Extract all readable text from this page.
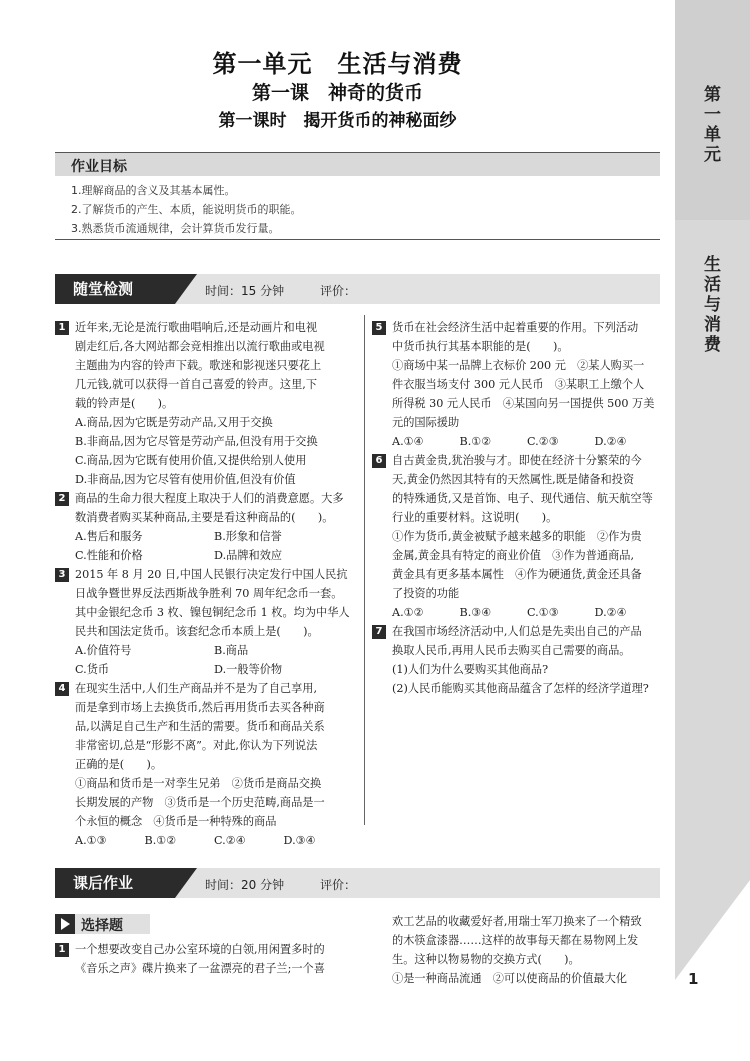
第
一
单
元
生
活
与
消
费
1
第一单元　生活与消费
第一课　神奇的货币
第一课时　揭开货币的神秘面纱
作业目标
1.理解商品的含义及其基本属性。
2.了解货币的产生、本质，能说明货币的职能。
3.熟悉货币流通规律，会计算货币发行量。
随堂检测	时间：15 分钟	评价：
1 近年来,无论是流行歌曲唱响后,还是动画片和电视
剧走红后,各大网站都会竞相推出以流行歌曲或电视
主题曲为内容的铃声下载。歌迷和影视迷只要花上
几元钱,就可以获得一首自己喜爱的铃声。这里,下
载的铃声是(　　)。
A.商品,因为它既是劳动产品,又用于交换
B.非商品,因为它尽管是劳动产品,但没有用于交换
C.商品,因为它既有使用价值,又提供给别人使用
D.非商品,因为它尽管有使用价值,但没有价值
2 商品的生命力很大程度上取决于人们的消费意愿。大多
数消费者购买某种商品,主要是看这种商品的(　　)。
A.售后和服务	B.形象和信誉
C.性能和价格	D.品牌和效应
3 2015 年 8 月 20 日,中国人民银行决定发行中国人民抗
日战争暨世界反法西斯战争胜利 70 周年纪念币一套。
其中金银纪念币 3 枚、镍包铜纪念币 1 枚。均为中华人
民共和国法定货币。该套纪念币本质上是(　　)。
A.价值符号	B.商品
C.货币	D.一般等价物
4 在现实生活中,人们生产商品并不是为了自己享用,
而是拿到市场上去换货币,然后再用货币去买各种商
品,以满足自己生产和生活的需要。货币和商品关系
非常密切,总是“形影不离”。对此,你认为下列说法
正确的是(　　)。
①商品和货币是一对孪生兄弟　②货币是商品交换
长期发展的产物　③货币是一个历史范畴,商品是一
个永恒的概念　④货币是一种特殊的商品
A.①③	B.①②	C.②④	D.③④
5 货币在社会经济生活中起着重要的作用。下列活动
中货币执行其基本职能的是(　　)。
①商场中某一品牌上衣标价 200 元　②某人购买一
件衣服当场支付 300 元人民币　③某职工上缴个人
所得税 30 元人民币　④某国向另一国提供 500 万美
元的国际援助
A.①④	B.①②	C.②③	D.②④
6 自古黄金贵,犹治骏与才。即使在经济十分繁荣的今
天,黄金仍然因其特有的天然属性,既是储备和投资
的特殊通货,又是首饰、电子、现代通信、航天航空等
行业的重要材料。这说明(　　)。
①作为货币,黄金被赋予越来越多的职能　②作为贵
金属,黄金具有特定的商业价值　③作为普通商品,
黄金具有更多基本属性　④作为硬通货,黄金还具备
了投资的功能
A.①②	B.③④	C.①③	D.②④
7 在我国市场经济活动中,人们总是先卖出自己的产品
换取人民币,再用人民币去购买自己需要的商品。
(1)人们为什么要购买其他商品?
(2)人民币能购买其他商品蕴含了怎样的经济学道理?
课后作业	时间：20 分钟	评价：
选择题
1 一个想要改变自己办公室环境的白领,用闲置多时的
《音乐之声》碟片换来了一盆漂亮的君子兰;一个喜
欢工艺品的收藏爱好者,用瑞士军刀换来了一个精致
的木筷盒漆器……这样的故事每天都在易物网上发
生。这种以物易物的交换方式(　　)。
①是一种商品流通　②可以使商品的价值最大化
